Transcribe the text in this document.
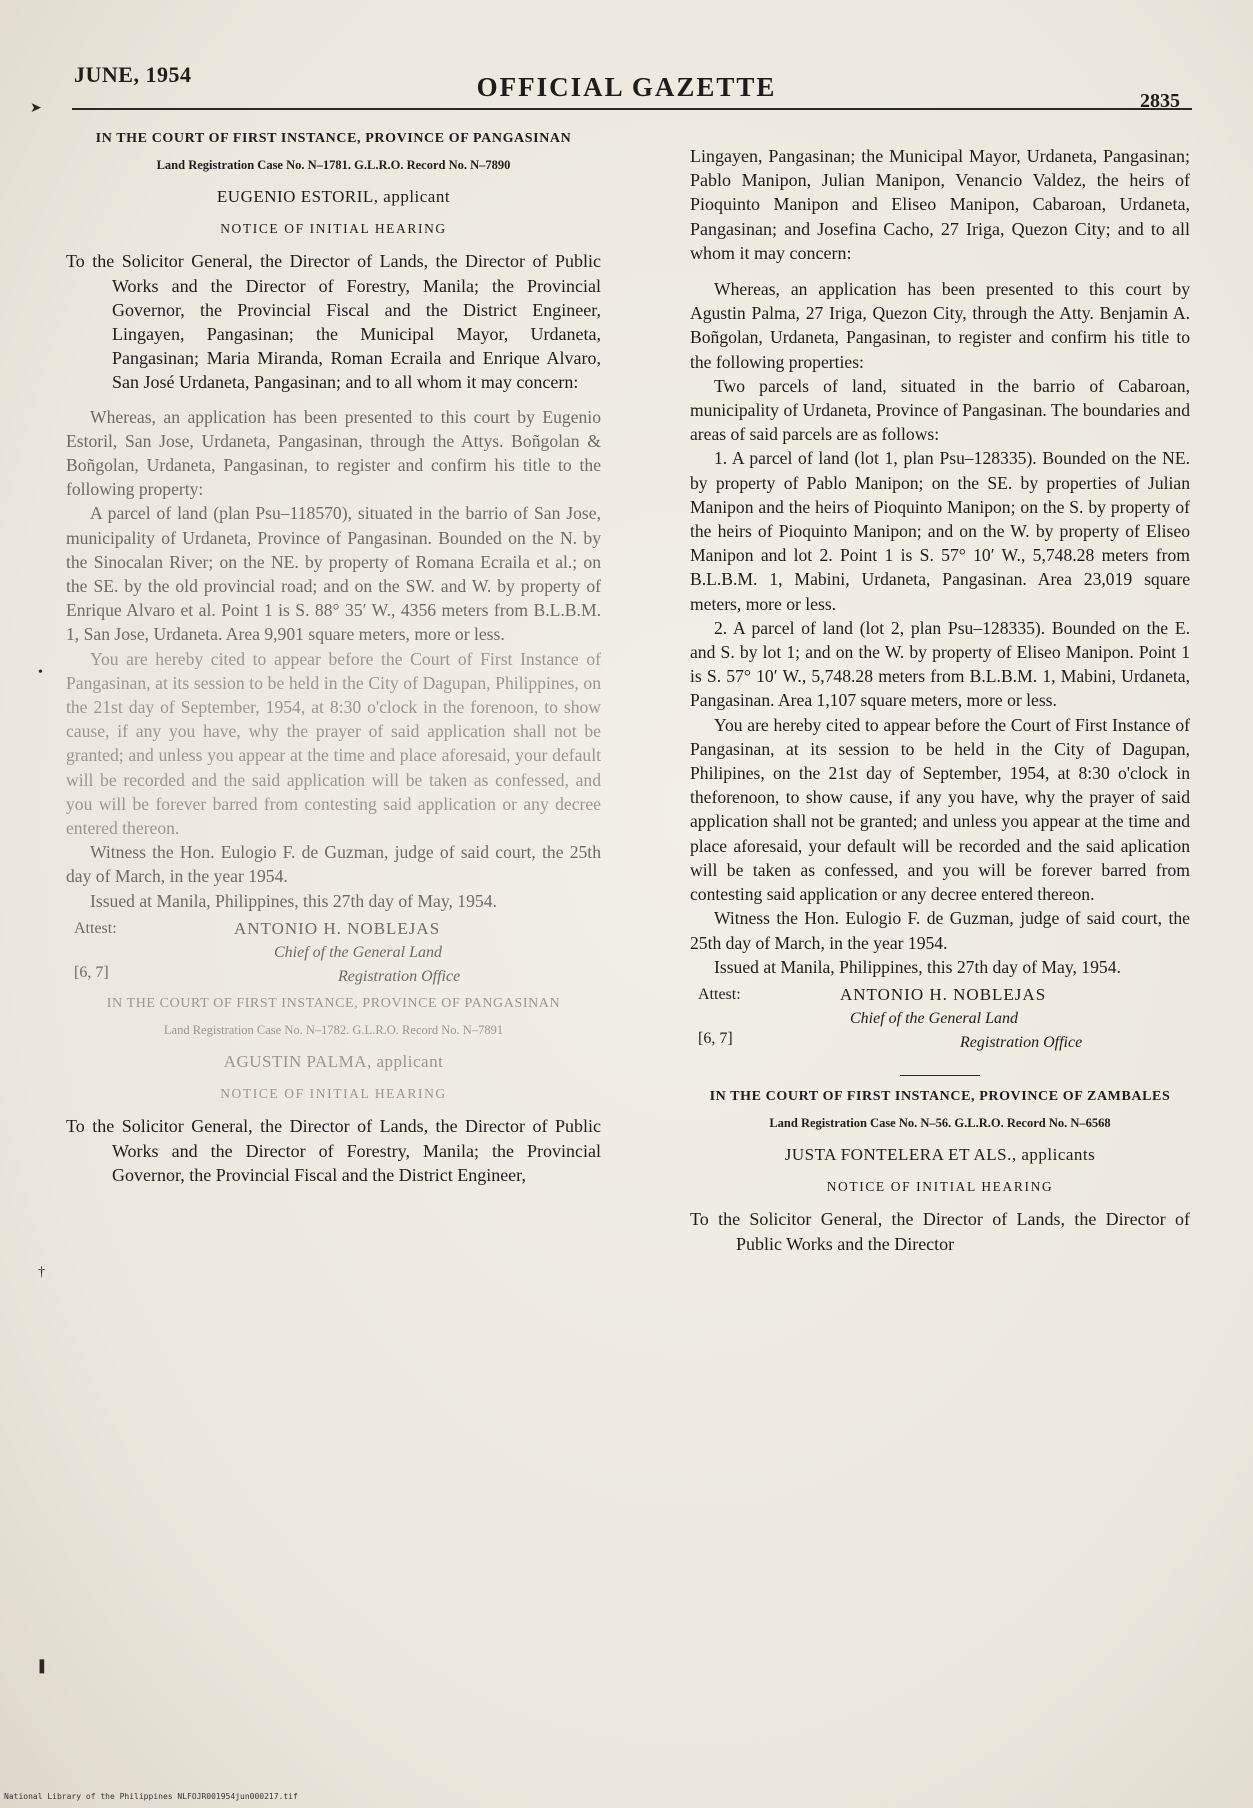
JUNE, 1954	OFFICIAL GAZETTE	2835
➤
†
❚
•
IN THE COURT OF FIRST INSTANCE, PROVINCE OF PANGASINAN
Land Registration Case No. N–1781. G.L.R.O. Record No. N–7890
EUGENIO ESTORIL, applicant
NOTICE OF INITIAL HEARING
To the Solicitor General, the Director of Lands, the Director of Public Works and the Director of Forestry, Manila; the Provincial Governor, the Provincial Fiscal and the District Engineer, Lingayen, Pangasinan; the Municipal Mayor, Urdaneta, Pangasinan; Maria Miranda, Roman Ecraila and Enrique Alvaro, San José Urdaneta, Pangasinan; and to all whom it may concern:

Whereas, an application has been presented to this court by Eugenio Estoril, San Jose, Urdaneta, Pangasinan, through the Attys. Boñgolan & Boñgolan, Urdaneta, Pangasinan, to register and confirm his title to the following property:

A parcel of land (plan Psu–118570), situated in the barrio of San Jose, municipality of Urdaneta, Province of Pangasinan. Bounded on the N. by the Sinocalan River; on the NE. by property of Romana Ecraila et al.; on the SE. by the old provincial road; and on the SW. and W. by property of Enrique Alvaro et al. Point 1 is S. 88° 35′ W., 4356 meters from B.L.B.M. 1, San Jose, Urdaneta. Area 9,901 square meters, more or less.

You are hereby cited to appear before the Court of First Instance of Pangasinan, at its session to be held in the City of Dagupan, Philippines, on the 21st day of September, 1954, at 8:30 o'clock in the forenoon, to show cause, if any you have, why the prayer of said application shall not be granted; and unless you appear at the time and place aforesaid, your default will be recorded and the said application will be taken as confessed, and you will be forever barred from contesting said application or any decree entered thereon.

Witness the Hon. Eulogio F. de Guzman, judge of said court, the 25th day of March, in the year 1954.

Issued at Manila, Philippines, this 27th day of May, 1954.

Attest:	ANTONIO H. NOBLEJAS
Chief of the General Land
[6, 7]	Registration Office
IN THE COURT OF FIRST INSTANCE, PROVINCE OF PANGASINAN
Land Registration Case No. N–1782. G.L.R.O. Record No. N–7891
AGUSTIN PALMA, applicant
NOTICE OF INITIAL HEARING
To the Solicitor General, the Director of Lands, the Director of Public Works and the Director of Forestry, Manila; the Provincial Governor, the Provincial Fiscal and the District Engineer,

Lingayen, Pangasinan; the Municipal Mayor, Urdaneta, Pangasinan; Pablo Manipon, Julian Manipon, Venancio Valdez, the heirs of Pioquinto Manipon and Eliseo Manipon, Cabaroan, Urdaneta, Pangasinan; and Josefina Cacho, 27 Iriga, Quezon City; and to all whom it may concern:

Whereas, an application has been presented to this court by Agustin Palma, 27 Iriga, Quezon City, through the Atty. Benjamin A. Boñgolan, Urdaneta, Pangasinan, to register and confirm his title to the following properties:

Two parcels of land, situated in the barrio of Cabaroan, municipality of Urdaneta, Province of Pangasinan. The boundaries and areas of said parcels are as follows:

1. A parcel of land (lot 1, plan Psu–128335). Bounded on the NE. by property of Pablo Manipon; on the SE. by properties of Julian Manipon and the heirs of Pioquinto Manipon; on the S. by property of the heirs of Pioquinto Manipon; and on the W. by property of Eliseo Manipon and lot 2. Point 1 is S. 57° 10′ W., 5,748.28 meters from B.L.B.M. 1, Mabini, Urdaneta, Pangasinan. Area 23,019 square meters, more or less.

2. A parcel of land (lot 2, plan Psu–128335). Bounded on the E. and S. by lot 1; and on the W. by property of Eliseo Manipon. Point 1 is S. 57° 10′ W., 5,748.28 meters from B.L.B.M. 1, Mabini, Urdaneta, Pangasinan. Area 1,107 square meters, more or less.

You are hereby cited to appear before the Court of First Instance of Pangasinan, at its session to be held in the City of Dagupan, Philipines, on the 21st day of September, 1954, at 8:30 o'clock in theforenoon, to show cause, if any you have, why the prayer of said application shall not be granted; and unless you appear at the time and place aforesaid, your default will be recorded and the said aplication will be taken as confessed, and you will be forever barred from contesting said application or any decree entered thereon.

Witness the Hon. Eulogio F. de Guzman, judge of said court, the 25th day of March, in the year 1954.

Issued at Manila, Philippines, this 27th day of May, 1954.

Attest:	ANTONIO H. NOBLEJAS
Chief of the General Land
[6, 7]	Registration Office
IN THE COURT OF FIRST INSTANCE, PROVINCE OF ZAMBALES
Land Registration Case No. N–56. G.L.R.O. Record No. N–6568
JUSTA FONTELERA ET ALS., applicants
NOTICE OF INITIAL HEARING
To the Solicitor General, the Director of Lands, the Director of Public Works and the Director
National Library of the Philippines NLFOJR001954jun000217.tif
